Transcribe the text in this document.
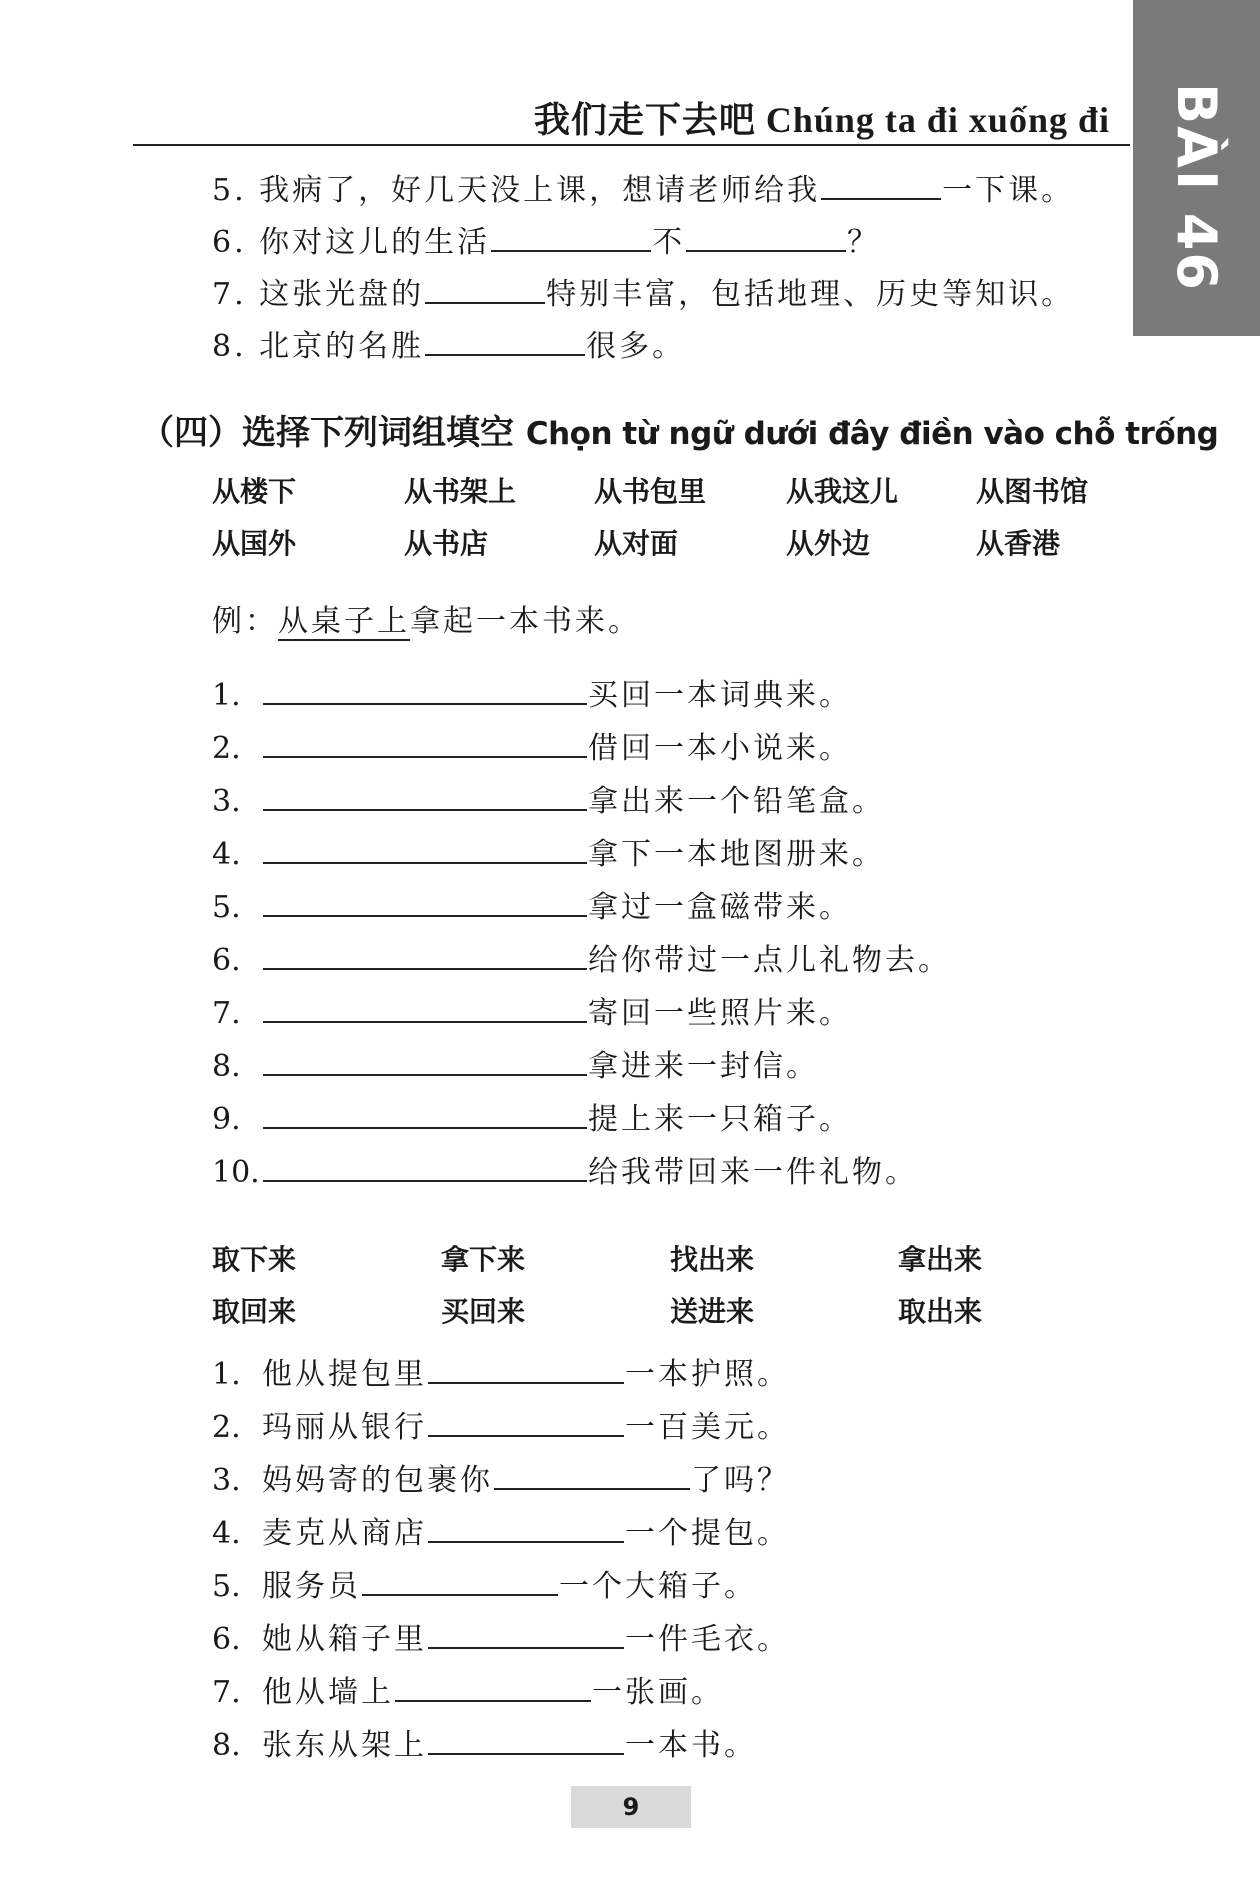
我们走下去吧 Chúng ta đi xuống đi BÀI 46
5. 我病了，好几天没上课，想请老师给我	一下课。
6. 你对这儿的生活	不	？
7. 这张光盘的	特别丰富，包括地理、历史等知识。
8. 北京的名胜	很多。
（四）选择下列词组填空 Chọn từ ngữ dưới đây điền vào chỗ trống
从楼下	从书架上	从书包里	从我这儿	从图书馆
从国外	从书店	从对面	从外边	从香港
例：从桌子上拿起一本书来。
1.	买回一本词典来。
2.	借回一本小说来。
3.	拿出来一个铅笔盒。
4.	拿下一本地图册来。
5.	拿过一盒磁带来。
6.	给你带过一点儿礼物去。
7.	寄回一些照片来。
8.	拿进来一封信。
9.	提上来一只箱子。
10.	给我带回来一件礼物。
取下来	拿下来	找出来	拿出来
取回来	买回来	送进来	取出来
1. 他从提包里	一本护照。
2. 玛丽从银行	一百美元。
3. 妈妈寄的包裹你	了吗？
4. 麦克从商店	一个提包。
5. 服务员	一个大箱子。
6. 她从箱子里	一件毛衣。
7. 他从墙上	一张画。
8. 张东从架上	一本书。
9
